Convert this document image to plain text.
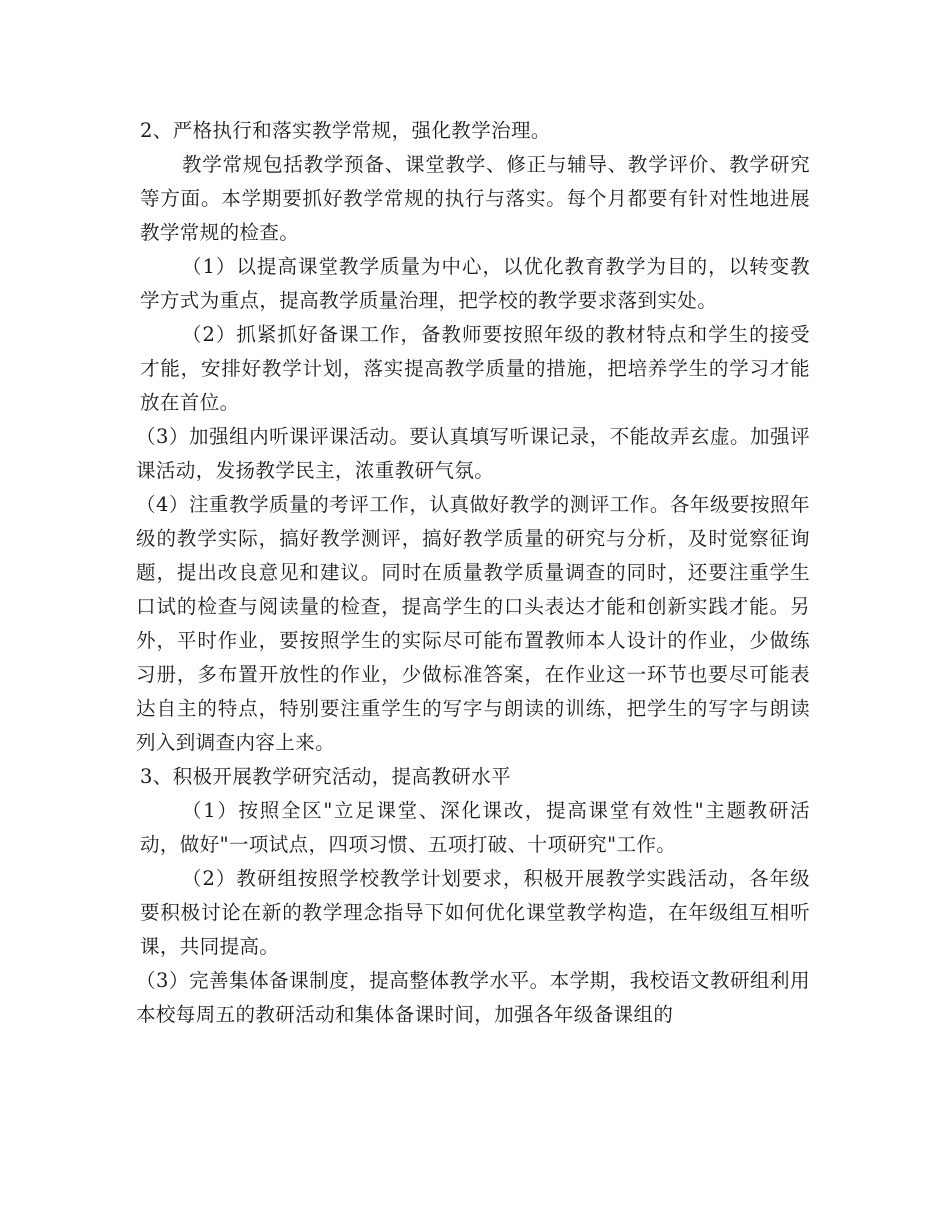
2、严格执行和落实教学常规，强化教学治理。

教学常规包括教学预备、课堂教学、修正与辅导、教学评价、教学研究等方面。本学期要抓好教学常规的执行与落实。每个月都要有针对性地进展教学常规的检查。

（1）以提高课堂教学质量为中心，以优化教育教学为目的，以转变教学方式为重点，提高教学质量治理，把学校的教学要求落到实处。

（2）抓紧抓好备课工作，备教师要按照年级的教材特点和学生的接受才能，安排好教学计划，落实提高教学质量的措施，把培养学生的学习才能放在首位。

（3）加强组内听课评课活动。要认真填写听课记录，不能故弄玄虚。加强评课活动，发扬教学民主，浓重教研气氛。

（4）注重教学质量的考评工作，认真做好教学的测评工作。各年级要按照年级的教学实际，搞好教学测评，搞好教学质量的研究与分析，及时觉察征询题，提出改良意见和建议。同时在质量教学质量调查的同时，还要注重学生口试的检查与阅读量的检查，提高学生的口头表达才能和创新实践才能。另外，平时作业，要按照学生的实际尽可能布置教师本人设计的作业，少做练习册，多布置开放性的作业，少做标准答案，在作业这一环节也要尽可能表达自主的特点，特别要注重学生的写字与朗读的训练，把学生的写字与朗读列入到调查内容上来。

3、积极开展教学研究活动，提高教研水平

（1）按照全区"立足课堂、深化课改，提高课堂有效性"主题教研活动，做好"一项试点，四项习惯、五项打破、十项研究"工作。

（2）教研组按照学校教学计划要求，积极开展教学实践活动，各年级要积极讨论在新的教学理念指导下如何优化课堂教学构造，在年级组互相听课，共同提高。

（3）完善集体备课制度，提高整体教学水平。本学期，我校语文教研组利用本校每周五的教研活动和集体备课时间，加强各年级备课组的
